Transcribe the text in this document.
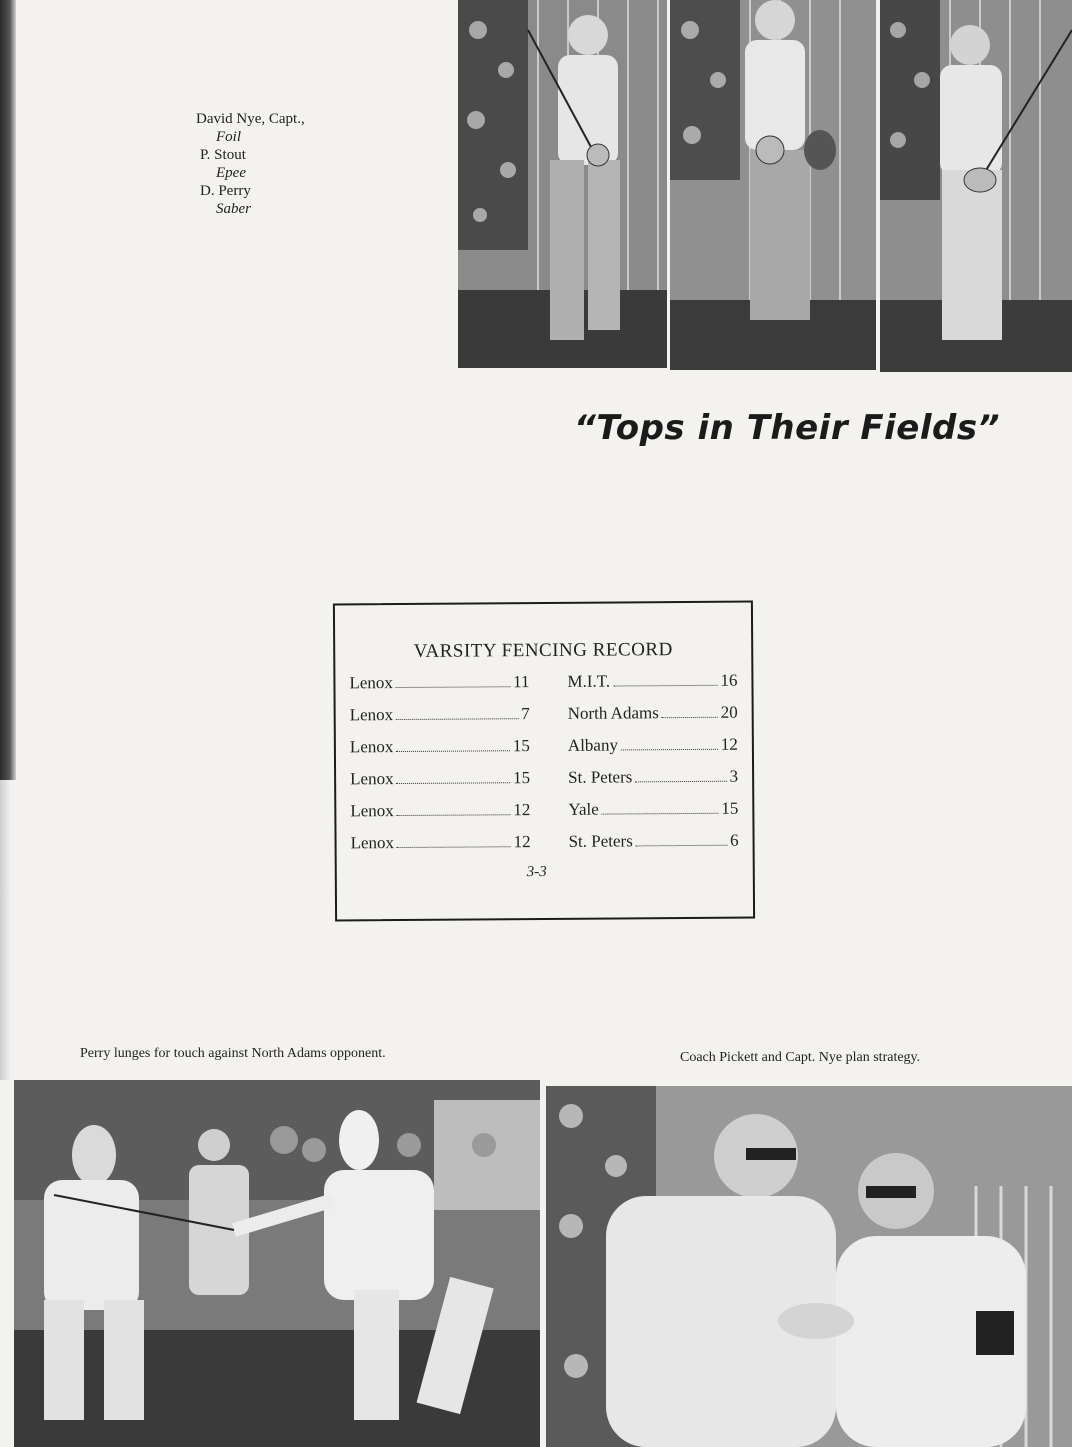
David Nye, Capt.,
Foil
P. Stout
Epee
D. Perry
Saber
“Tops in Their Fields”
VARSITY FENCING RECORD
Lenox	11 M.I.T.	16
Lenox	7 North Adams	20
Lenox	15 Albany	12
Lenox	15 St. Peters	3
Lenox	12 Yale	15
Lenox	12 St. Peters	6
3-3
Perry lunges for touch against North Adams opponent.	Coach Pickett and Capt. Nye plan strategy.
